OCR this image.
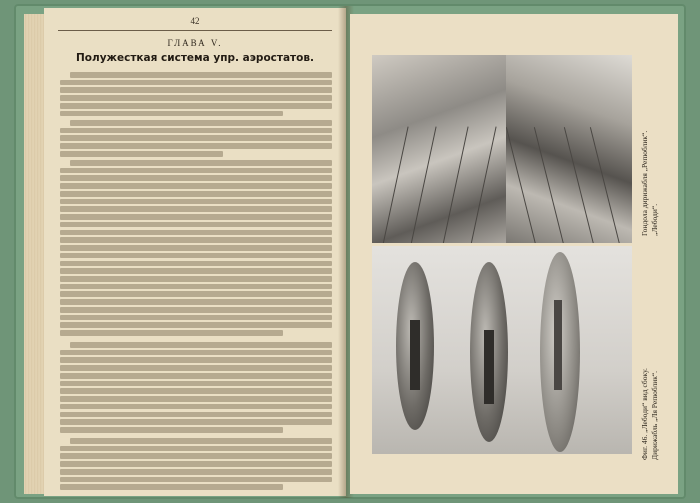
42
ГЛАВА V.
Полужесткая система упр. аэростатов.
Гондола дирижабля „Репюблик“. „Лебоди“.
Фиг. 46. „Лебоди“ вид сбоку. Дирижабль „Ля Репюблик“.
